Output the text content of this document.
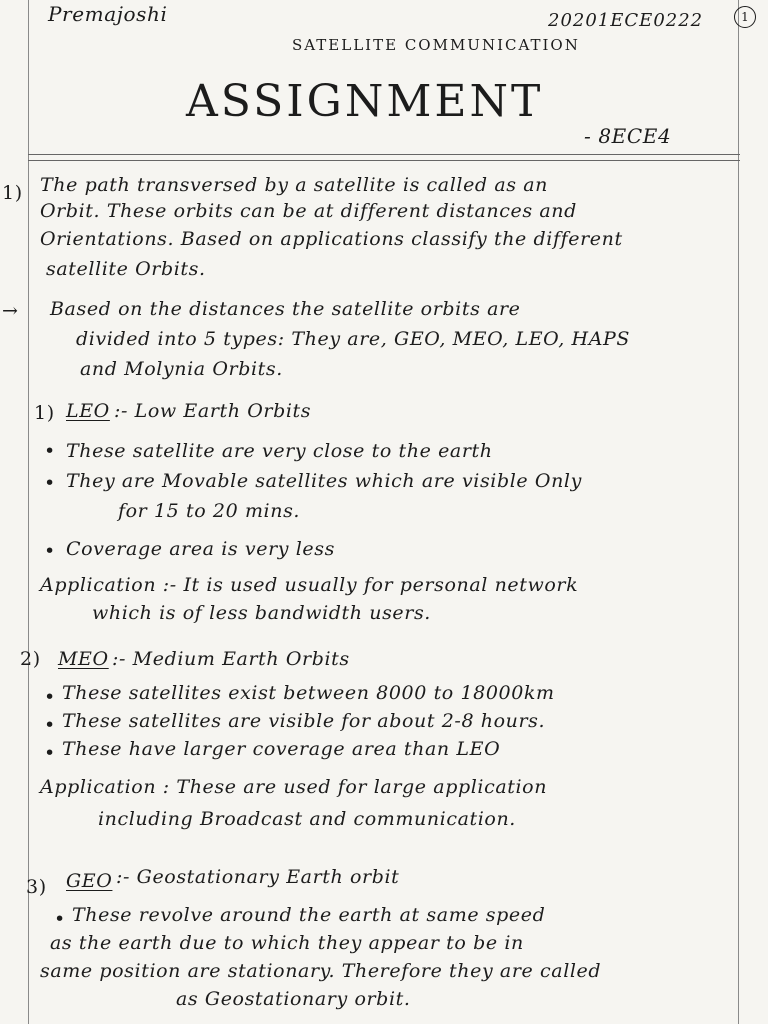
Premajoshi	20201ECE0222	1
SATELLITE COMMUNICATION
ASSIGNMENT
- 8ECE4
1) The path transversed by a satellite is called as an
Orbit. These orbits can be at different distances and
Orientations. Based on applications classify the different
satellite Orbits.
→ Based on the distances the satellite orbits are
divided into 5 types: They are, GEO, MEO, LEO, HAPS
and Molynia Orbits.
1) LEO :- Low Earth Orbits
• These satellite are very close to the earth
• They are Movable satellites which are visible Only
for 15 to 20 mins.
• Coverage area is very less
Application :- It is used usually for personal network
which is of less bandwidth users.
2) MEO :- Medium Earth Orbits
• These satellites exist between 8000 to 18000km
• These satellites are visible for about 2-8 hours.
• These have larger coverage area than LEO
Application : These are used for large application
including Broadcast and communication.
3) GEO :- Geostationary Earth orbit
• These revolve around the earth at same speed
as the earth due to which they appear to be in
same position are stationary. Therefore they are called
as Geostationary orbit.
